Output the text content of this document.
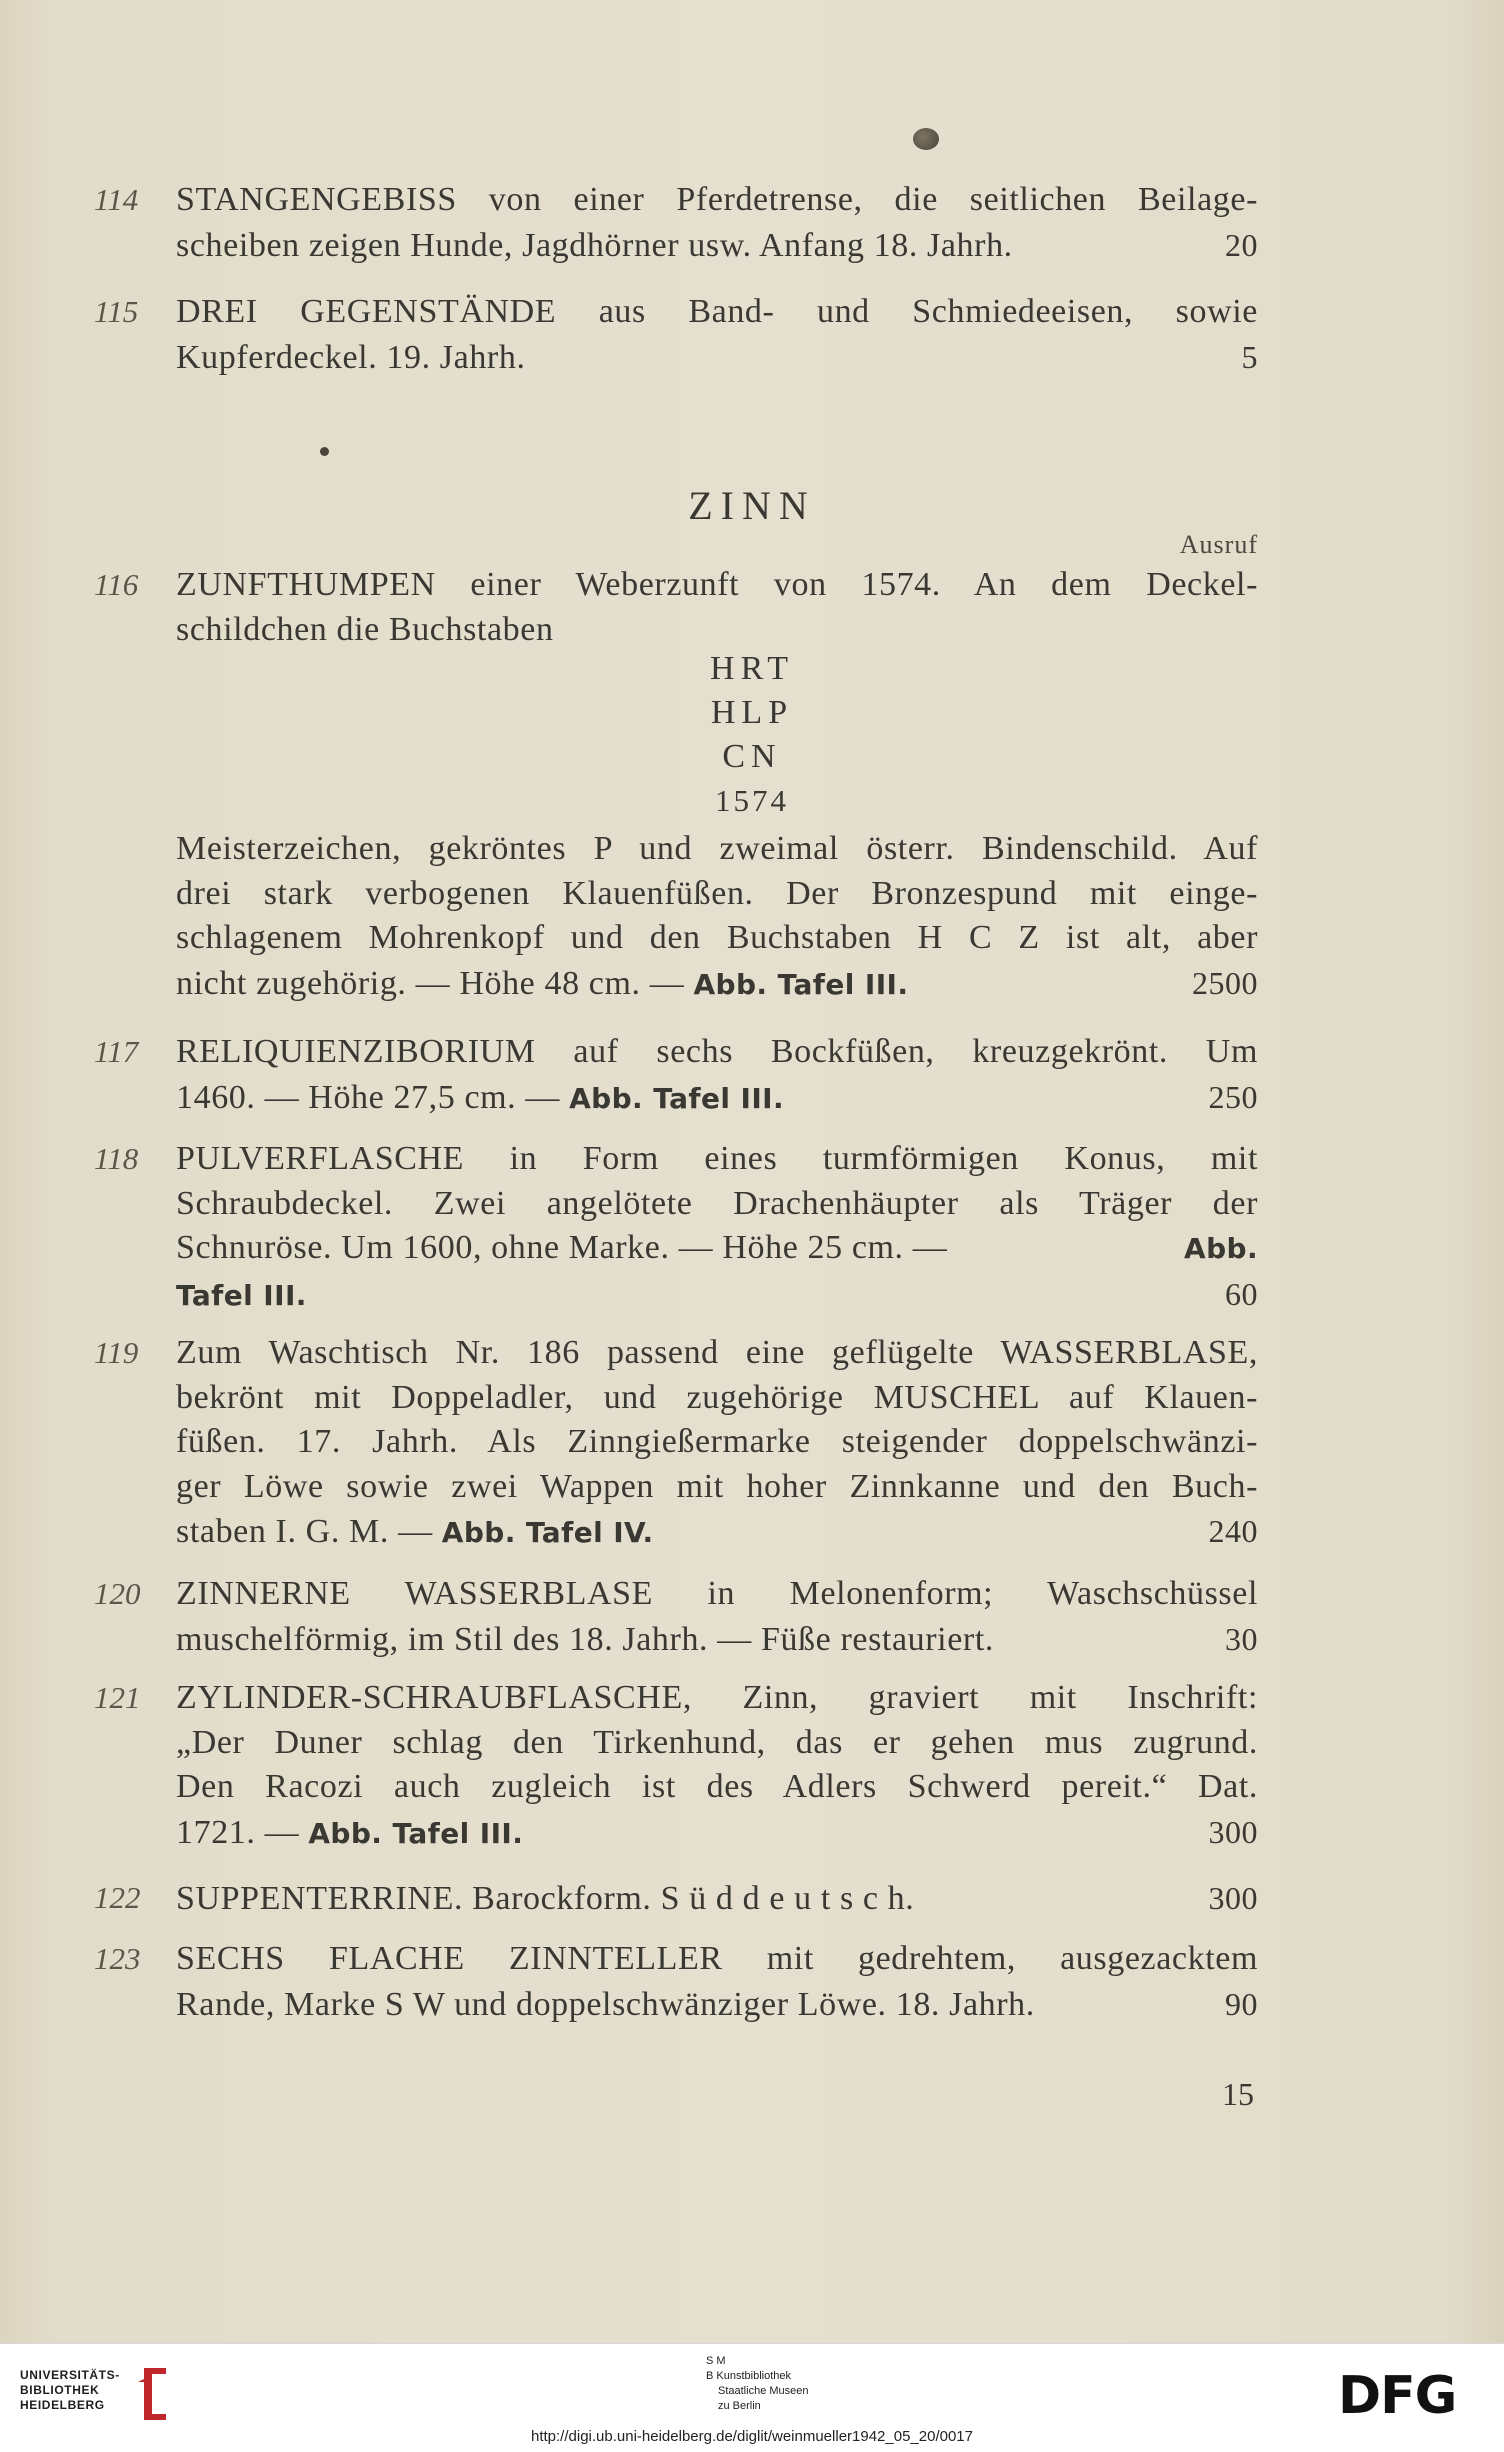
114	STANGENGEBISS von einer Pferdetrense, die seitlichen Beilage-
scheiben zeigen Hunde, Jagdhörner usw. Anfang 18. Jahrh.	20
115	DREI GEGENSTÄNDE aus Band- und Schmiedeeisen, sowie
Kupferdeckel. 19. Jahrh.	5
ZINN
Ausruf
116	ZUNFTHUMPEN einer Weberzunft von 1574. An dem Deckel-
schildchen die Buchstaben
HRT
HLP
CN
1574
Meisterzeichen, gekröntes P und zweimal österr. Bindenschild. Auf
drei stark verbogenen Klauenfüßen. Der Bronzespund mit einge-
schlagenem Mohrenkopf und den Buchstaben H C Z ist alt, aber
nicht zugehörig. — Höhe 48 cm. — Abb. Tafel III.	2500
117	RELIQUIENZIBORIUM auf sechs Bockfüßen, kreuzgekrönt. Um
1460. — Höhe 27,5 cm. — Abb. Tafel III.	250
118	PULVERFLASCHE in Form eines turmförmigen Konus, mit
Schraubdeckel. Zwei angelötete Drachenhäupter als Träger der
Schnuröse. Um 1600, ohne Marke. — Höhe 25 cm. —	Abb.
Tafel III.	60
119	Zum Waschtisch Nr. 186 passend eine geflügelte WASSERBLASE,
bekrönt mit Doppeladler, und zugehörige MUSCHEL auf Klauen-
füßen. 17. Jahrh. Als Zinngießermarke steigender doppelschwänzi-
ger Löwe sowie zwei Wappen mit hoher Zinnkanne und den Buch-
staben I. G. M. — Abb. Tafel IV.	240
120 ZINNERNE WASSERBLASE in Melonenform; Waschschüssel
muschelförmig, im Stil des 18. Jahrh. — Füße restauriert.	30
121 ZYLINDER-SCHRAUBFLASCHE, Zinn, graviert mit Inschrift:
„Der Duner schlag den Tirkenhund, das er gehen mus zugrund.
Den Racozi auch zugleich ist des Adlers Schwerd pereit.“ Dat.
1721. — Abb. Tafel III.	300
122 SUPPENTERRINE. Barockform. S ü d d e u t s c h.	300
123 SECHS FLACHE ZINNTELLER mit gedrehtem, ausgezacktem
Rande, Marke S W und doppelschwänziger Löwe. 18. Jahrh.	90
15
UNIVERSITÄTS-
BIBLIOTHEK
HEIDELBERG
S M
B Kunstbibliothek
Staatliche Museen
zu Berlin	DFG
http://digi.ub.uni-heidelberg.de/diglit/weinmueller1942_05_20/0017
